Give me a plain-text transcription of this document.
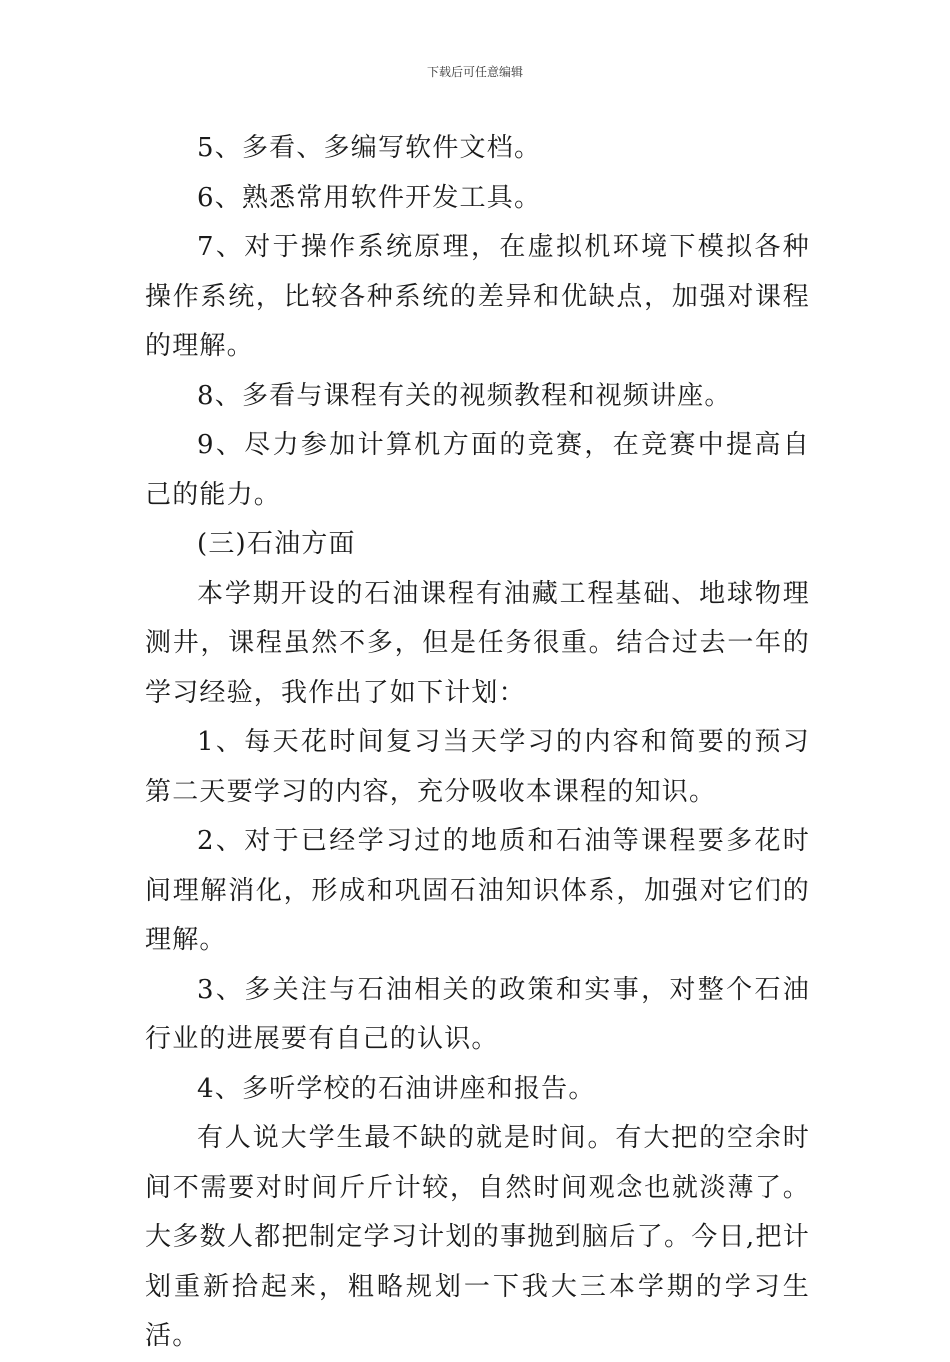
下载后可任意编辑

5、多看、多编写软件文档。

6、熟悉常用软件开发工具。

7、对于操作系统原理，在虚拟机环境下模拟各种操作系统，比较各种系统的差异和优缺点，加强对课程的理解。

8、多看与课程有关的视频教程和视频讲座。

9、尽力参加计算机方面的竞赛，在竞赛中提高自己的能力。

(三)石油方面

本学期开设的石油课程有油藏工程基础、地球物理测井，课程虽然不多，但是任务很重。结合过去一年的学习经验，我作出了如下计划：

1、每天花时间复习当天学习的内容和简要的预习第二天要学习的内容，充分吸收本课程的知识。

2、对于已经学习过的地质和石油等课程要多花时间理解消化，形成和巩固石油知识体系，加强对它们的理解。

3、多关注与石油相关的政策和实事，对整个石油行业的进展要有自己的认识。

4、多听学校的石油讲座和报告。

有人说大学生最不缺的就是时间。有大把的空余时间不需要对时间斤斤计较，自然时间观念也就淡薄了。大多数人都把制定学习计划的事抛到脑后了。今日,把计划重新拾起来，粗略规划一下我大三本学期的学习生活。
